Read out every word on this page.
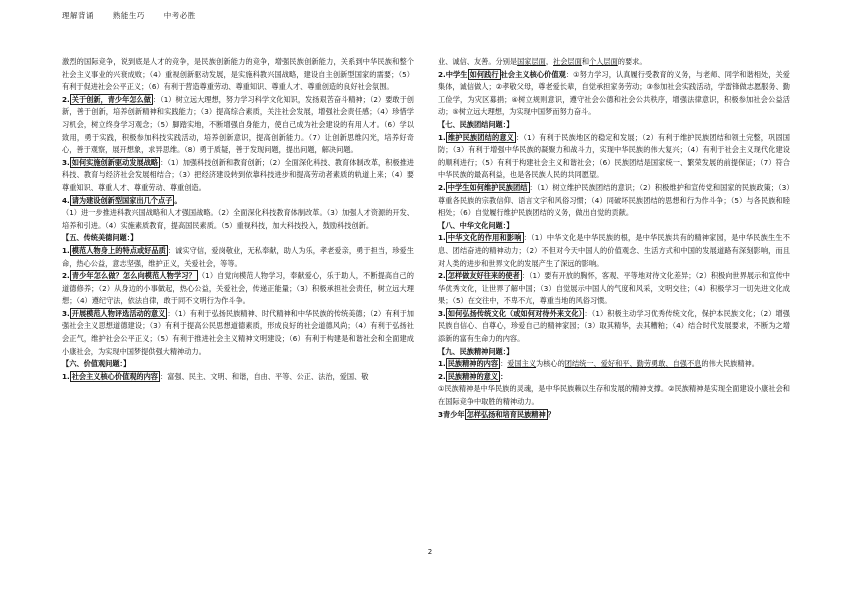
理解背诵	熟能生巧	中考必胜

激烈的国际竞争，说到底是人才的竞争，是民族创新能力的竞争，增强民族创新能力，关系到中华民族和整个社会主义事业的兴衰成败；（4）重视创新驱动发展，是实施科教兴国战略，建设自主创新型国家的需要；（5）有利于促进社会公平正义；（6）有利于营造尊重劳动、尊重知识、尊重人才、尊重创造的良好社会氛围。

2. 关于创新，青少年怎么做 ：（1）树立远大理想，努力学习科学文化知识，发扬艰苦奋斗精神；（2）要敢于创新，善于创新，培养创新精神和实践能力；（3）提高综合素质，关注社会发展，增强社会责任感；（4）珍惜学习机会，树立终身学习观念；（5）脚踏实地，不断增强自身能力，使自己成为社会建设的有用人才。（6）学以致用，勇于实践，积极参加科技实践活动，培养创新意识，提高创新能力。（7）让创新思维闪光，培养好奇心，善于观察，展开想象，求异思维。（8）勇于质疑，善于发现问题，提出问题，解决问题。

3. 如何实施创新驱动发展战略 ：（1）加强科技创新和教育创新；（2）全面深化科技、教育体制改革，积极推进科技、教育与经济社会发展相结合；（3）把经济建设转到依靠科技进步和提高劳动者素质的轨道上来；（4）要尊重知识、尊重人才、尊重劳动、尊重创造。

4. 请为建设创新型国家出几个点子 。

（1）进一步推进科教兴国战略和人才强国战略。（2）全面深化科技教育体制改革。（3）加强人才资源的开发、培养和引进。（4）实施素质教育，提高国民素质。（5）重视科技，加大科技投入，鼓励科技创新。

【五、传统美德问题：】

1. 模范人物身上的特点或好品质 ：诚实守信，爱岗敬业，无私奉献，助人为乐，孝老爱亲，勇于担当，珍爱生命，热心公益，意志坚强，维护正义，关爱社会，等等。

2. 青少年怎么做？怎么向模范人物学习？ （1）自觉向模范人物学习，奉献爱心，乐于助人，不断提高自己的道德修养；（2）从身边的小事做起，热心公益，关爱社会，传递正能量；（3）积极承担社会责任，树立远大理想；（4）遵纪守法，依法自律，敢于同不文明行为作斗争。

3. 开展模范人物评选活动的意义 ：（1）有利于弘扬民族精神、时代精神和中华民族的传统美德；（2）有利于加强社会主义思想道德建设；（3）有利于提高公民思想道德素质，形成良好的社会道德风尚；（4）有利于弘扬社会正气，维护社会公平正义；（5）有利于推进社会主义精神文明建设；（6）有利于构建是和谐社会和全面建成小康社会，为实现中国梦提供强大精神动力。

【六、价值观问题：】

1. 社会主义核心价值观的内容 ：富强、民主、文明、和谐，自由、平等、公正、法治，爱国、敬

业、诚信、友善。分别是国家层面，社会层面和个人层面的要求。

2.中学生 如何践行 社会主义核心价值观：①努力学习，认真履行受教育的义务，与老师、同学和谐相处，关爱集体，诚信做人；②孝敬父母，尊老爱长辈，自觉承担家务劳动；③参加社会实践活动，学雷锋做志愿服务、勤工俭学，为灾区募捐；④树立规则意识，遵守社会公德和社会公共秩序，增强法律意识，积极参加社会公益活动；⑤树立远大理想，为实现中国梦而努力奋斗。

【七、民族团结问题：】

1. 维护民族团结的意义 ：（1）有利于民族地区的稳定和发展；（2）有利于维护民族团结和领土完整，巩固国防；（3）有利于增强中华民族的凝聚力和战斗力，实现中华民族的伟大复兴；（4）有利于社会主义现代化建设的顺利进行；（5）有利于构建社会主义和谐社会；（6）民族团结是国家统一、繁荣发展的前提保证；（7）符合中华民族的最高利益，也是各民族人民的共同愿望。

2. 中学生如何维护民族团结 ：（1）树立维护民族团结的意识；（2）积极维护和宣传党和国家的民族政策；（3）尊重各民族的宗教信仰、语言文字和风俗习惯；（4）同破坏民族团结的思想和行为作斗争；（5）与各民族和睦相处；（6）自觉履行维护民族团结的义务，做出自觉的贡献。

【八、中华文化问题：】

1. 中华文化的作用和影响 ：（1）中华文化是中华民族的根，是中华民族共有的精神家园，是中华民族生生不息、团结奋进的精神动力；（2）不但对今天中国人的价值观念、生活方式和中国的发展道路有深刻影响，而且对人类的进步和世界文化的发展产生了深远的影响。

2. 怎样做友好往来的使者 ：（1）要有开放的胸怀，客观、平等地对待文化差异；（2）积极向世界展示和宣传中华优秀文化，让世界了解中国；（3）自觉展示中国人的气度和风采，文明交往；（4）积极学习一切先进文化成果；（5）在交往中，不卑不亢，尊重当地的风俗习惯。

3. 如何弘扬传统文化（或如何对待外来文化） ：（1）积极主动学习优秀传统文化，保护本民族文化；（2）增强民族自信心、自尊心，珍爱自己的精神家园；（3）取其精华，去其糟粕；（4）结合时代发展要求，不断为之增添新的富有生命力的内容。

【九、民族精神问题：】

1. 民族精神的内容 ：爱国主义为核心的团结统一、爱好和平、勤劳勇敢、自强不息的伟大民族精神。

2. 民族精神的意义 ：

①民族精神是中华民族的灵魂，是中华民族赖以生存和发展的精神支撑。②民族精神是实现全面建设小康社会和在国际竞争中取胜的精神动力。

3青少年 怎样弘扬和培育民族精神 ？

2
